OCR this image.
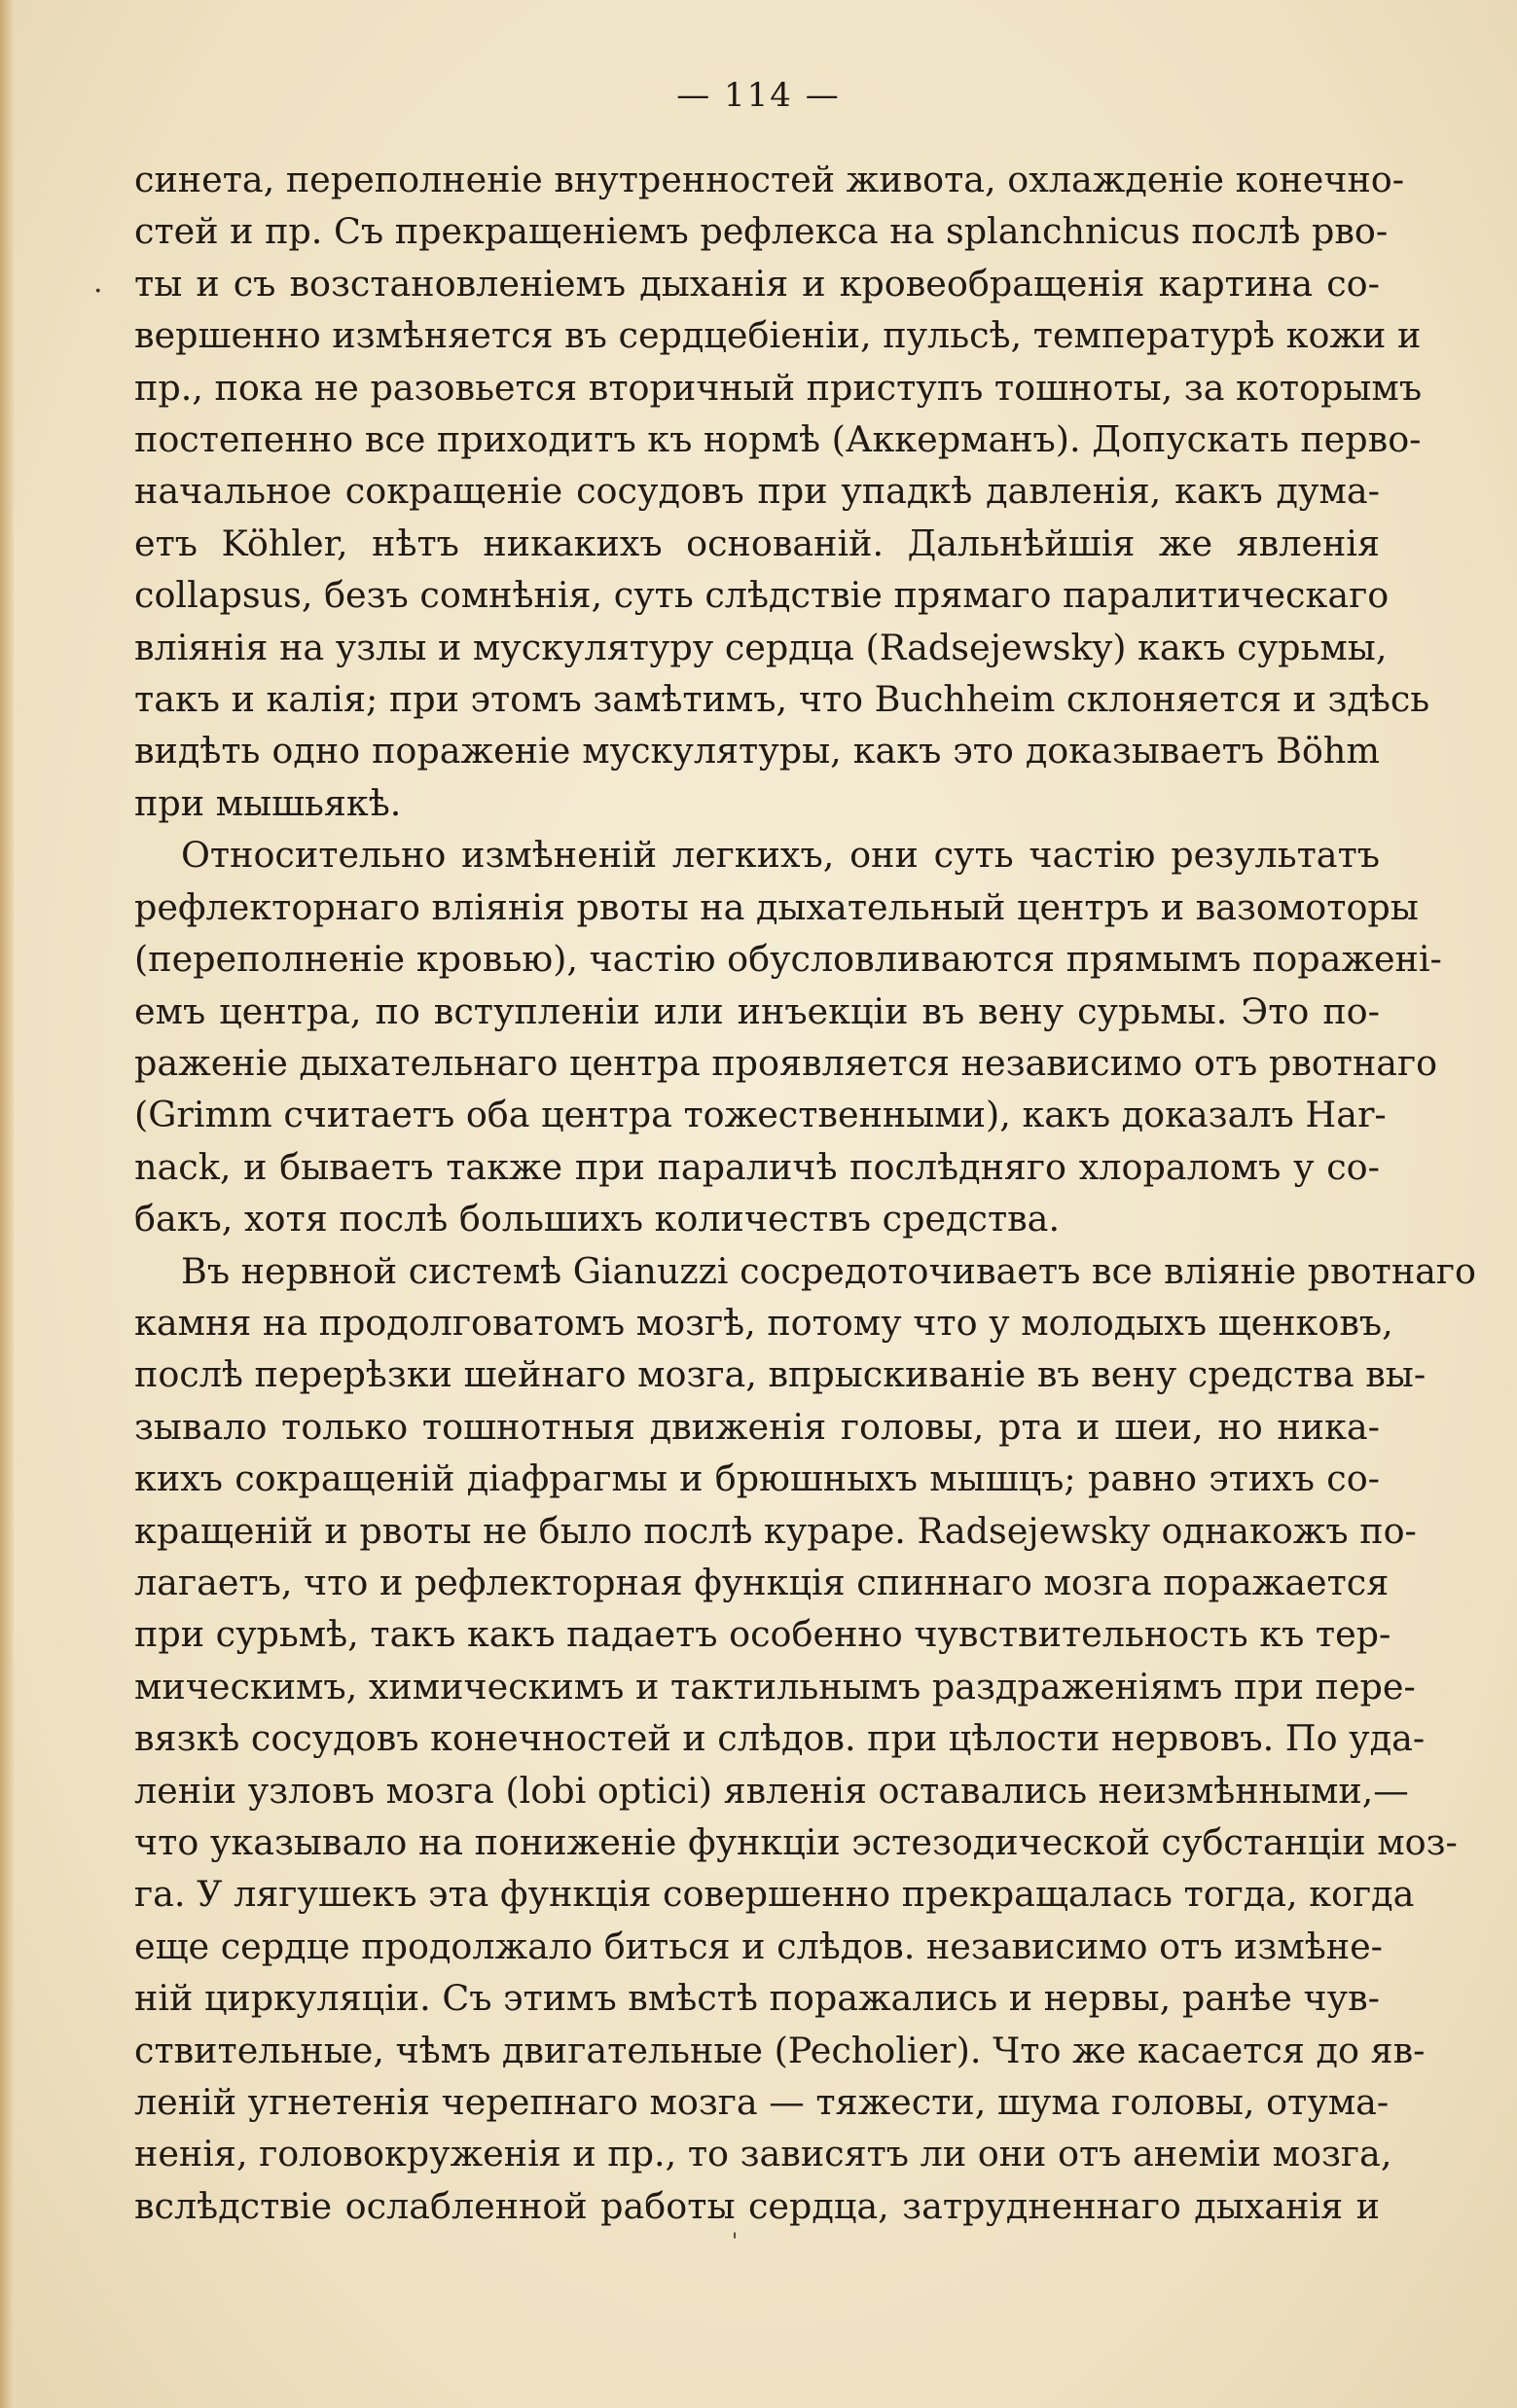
— 114 —
·
синета, переполненіе внутренностей живота, охлажденіе конечно-
стей и пр. Съ прекращеніемъ рефлекса на splanchnicus послѣ рво-
ты и съ возстановленіемъ дыханія и кровеобращенія картина со-
вершенно измѣняется въ сердцебіеніи, пульсѣ, температурѣ кожи и
пр., пока не разовьется вторичный приступъ тошноты, за которымъ
постепенно все приходитъ къ нормѣ (Аккерманъ). Допускать перво-
начальное сокращеніе сосудовъ при упадкѣ давленія, какъ дума-
етъ Köhler, нѣтъ никакихъ основаній. Дальнѣйшія же явленія
collapsus, безъ сомнѣнія, суть слѣдствіе прямаго паралитическаго
вліянія на узлы и мускулятуру сердца (Radsejewsky) какъ сурьмы,
такъ и калія; при этомъ замѣтимъ, что Buchheim склоняется и здѣсь
видѣть одно пораженіе мускулятуры, какъ это доказываетъ Böhm
при мышьякѣ.
Относительно измѣненій легкихъ, они суть частію результатъ
рефлекторнаго вліянія рвоты на дыхательный центръ и вазомоторы
(переполненіе кровью), частію обусловливаются прямымъ пораженi-
емъ центра, по вступленіи или инъекціи въ вену сурьмы. Это по-
раженіе дыхательнаго центра проявляется независимо отъ рвотнаго
(Grimm считаетъ оба центра тожественными), какъ доказалъ Har-
nack, и бываетъ также при параличѣ послѣдняго хлораломъ у со-
бакъ, хотя послѣ большихъ количествъ средства.
Въ нервной системѣ Gianuzzi сосредоточиваетъ все вліяніе рвотнаго
камня на продолговатомъ мозгѣ, потому что у молодыхъ щенковъ,
послѣ перерѣзки шейнаго мозга, впрыскиваніе въ вену средства вы-
зывало только тошнотныя движенія головы, рта и шеи, но ника-
кихъ сокращеній діафрагмы и брюшныхъ мышцъ; равно этихъ со-
кращеній и рвоты не было послѣ кураре. Radsejewsky однакожъ по-
лагаетъ, что и рефлекторная функція спиннаго мозга поражается
при сурьмѣ, такъ какъ падаетъ особенно чувствительность къ тер-
мическимъ, химическимъ и тактильнымъ раздраженіямъ при пере-
вязкѣ сосудовъ конечностей и слѣдов. при цѣлости нервовъ. По уда-
леніи узловъ мозга (lobi optici) явленія оставались неизмѣнными,—
что указывало на пониженіе функціи эстезодической субстанціи моз-
га. У лягушекъ эта функція совершенно прекращалась тогда, когда
еще сердце продолжало биться и слѣдов. независимо отъ измѣне-
ній циркуляціи. Съ этимъ вмѣстѣ поражались и нервы, ранѣе чув-
ствительные, чѣмъ двигательные (Pecholier). Что же касается до яв-
леній угнетенія черепнаго мозга — тяжести, шума головы, отума-
ненія, головокруженія и пр., то зависятъ ли они отъ анеміи мозга,
вслѣдствіе ослабленной работы сердца, затрудненнаго дыханія и
'
